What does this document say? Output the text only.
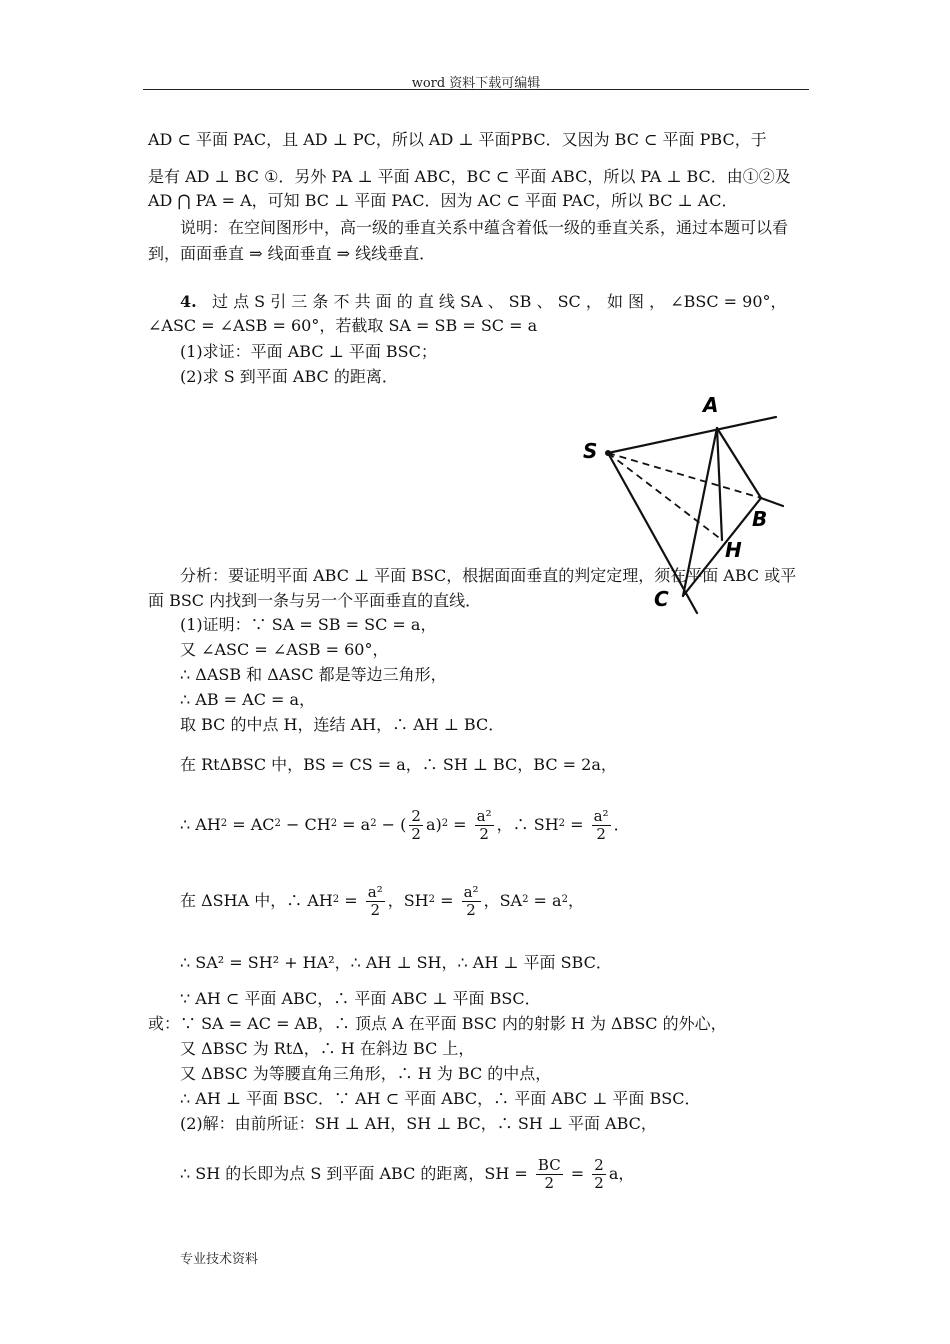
word 资料下载可编辑
AD ⊂ 平面 PAC，且 AD ⊥ PC，所以 AD ⊥ 平面PBC．又因为 BC ⊂ 平面 PBC，于
是有 AD ⊥ BC ①．另外 PA ⊥ 平面 ABC，BC ⊂ 平面 ABC，所以 PA ⊥ BC．由①②及
AD ⋂ PA = A，可知 BC ⊥ 平面 PAC．因为 AC ⊂ 平面 PAC，所以 BC ⊥ AC．
说明：在空间图形中，高一级的垂直关系中蕴含着低一级的垂直关系，通过本题可以看
到，面面垂直 ⇒ 线面垂直 ⇒ 线线垂直．
4. 过 点 S 引 三 条 不 共 面 的 直 线 SA 、 SB 、 SC ， 如 图 ， ∠BSC = 90°，
∠ASC = ∠ASB = 60°，若截取 SA = SB = SC = a
(1)求证：平面 ABC ⊥ 平面 BSC；
(2)求 S 到平面 ABC 的距离．
A
S
B
H
C
分析：要证明平面 ABC ⊥ 平面 BSC，根据面面垂直的判定定理，须在平面 ABC 或平
面 BSC 内找到一条与另一个平面垂直的直线．
(1)证明：∵ SA = SB = SC = a，
又 ∠ASC = ∠ASB = 60°，
∴ ΔASB 和 ΔASC 都是等边三角形，
∴ AB = AC = a，
取 BC 的中点 H，连结 AH，∴ AH ⊥ BC．
在 RtΔBSC 中，BS = CS = a，∴ SH ⊥ BC，BC = 2a，
∴ $AH^2 = AC^2 - CH^2 = a^2$ − ( $\frac{2}{2} a)^2 = \frac{\text{a²}}{2}$ ，∴ $SH^2 = \frac{\text{a²}}{2}$ ．
在 ΔSHA 中，∴ $AH^2 = \frac{\text{a²}}{2}$ ，$SH^2 = \frac{\text{a²}}{2}$ ，$SA^2 = a^2$，
∴ SA² = SH² + HA²，∴ AH ⊥ SH，∴ AH ⊥ 平面 SBC．
∵ AH ⊂ 平面 ABC，∴ 平面 ABC ⊥ 平面 BSC．
或：∵ SA = AC = AB，∴ 顶点 A 在平面 BSC 内的射影 H 为 ΔBSC 的外心，
又 ΔBSC 为 RtΔ，∴ H 在斜边 BC 上，
又 ΔBSC 为等腰直角三角形，∴ H 为 BC 的中点，
∴ AH ⊥ 平面 BSC．∵ AH ⊂ 平面 ABC，∴ 平面 ABC ⊥ 平面 BSC．
(2)解：由前所证：SH ⊥ AH，SH ⊥ BC，∴ SH ⊥ 平面 ABC，
∴ SH 的长即为点 S 到平面 ABC 的距离，SH = $\frac{BC}{2} = \frac{2}{2}$ a，
专业技术资料
